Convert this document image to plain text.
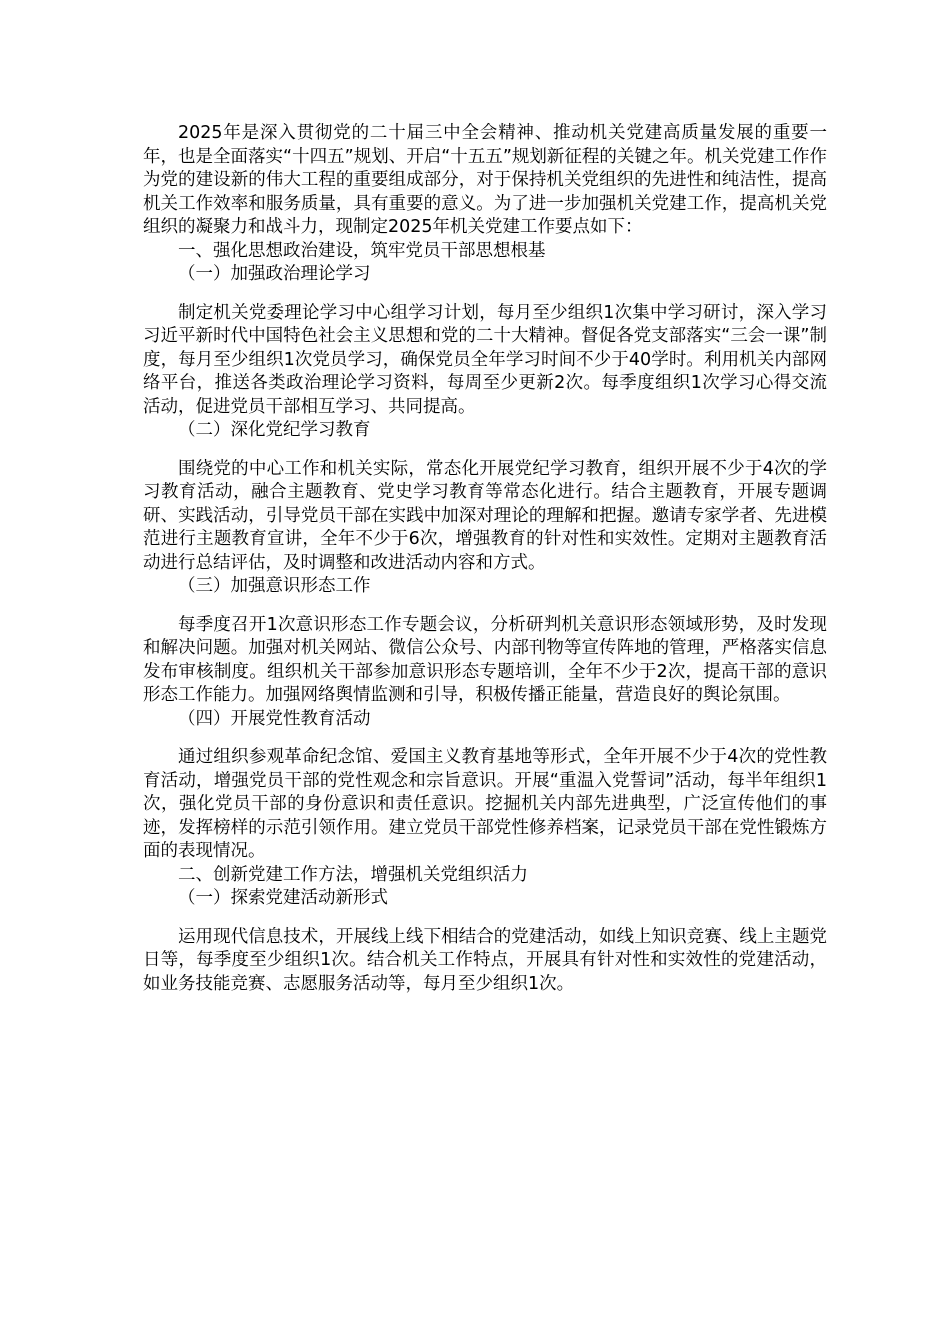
2025年是深入贯彻党的二十届三中全会精神、推动机关党建高质量发展的重要一年，也是全面落实“十四五”规划、开启“十五五”规划新征程的关键之年。机关党建工作作为党的建设新的伟大工程的重要组成部分，对于保持机关党组织的先进性和纯洁性，提高机关工作效率和服务质量，具有重要的意义。为了进一步加强机关党建工作，提高机关党组织的凝聚力和战斗力，现制定2025年机关党建工作要点如下：

一、强化思想政治建设，筑牢党员干部思想根基

（一）加强政治理论学习

制定机关党委理论学习中心组学习计划，每月至少组织1次集中学习研讨，深入学习习近平新时代中国特色社会主义思想和党的二十大精神。督促各党支部落实“三会一课”制度，每月至少组织1次党员学习，确保党员全年学习时间不少于40学时。利用机关内部网络平台，推送各类政治理论学习资料，每周至少更新2次。每季度组织1次学习心得交流活动，促进党员干部相互学习、共同提高。

（二）深化党纪学习教育

围绕党的中心工作和机关实际，常态化开展党纪学习教育，组织开展不少于4次的学习教育活动，融合主题教育、党史学习教育等常态化进行。结合主题教育，开展专题调研、实践活动，引导党员干部在实践中加深对理论的理解和把握。邀请专家学者、先进模范进行主题教育宣讲，全年不少于6次，增强教育的针对性和实效性。定期对主题教育活动进行总结评估，及时调整和改进活动内容和方式。

（三）加强意识形态工作

每季度召开1次意识形态工作专题会议，分析研判机关意识形态领域形势，及时发现和解决问题。加强对机关网站、微信公众号、内部刊物等宣传阵地的管理，严格落实信息发布审核制度。组织机关干部参加意识形态专题培训，全年不少于2次，提高干部的意识形态工作能力。加强网络舆情监测和引导，积极传播正能量，营造良好的舆论氛围。

（四）开展党性教育活动

通过组织参观革命纪念馆、爱国主义教育基地等形式，全年开展不少于4次的党性教育活动，增强党员干部的党性观念和宗旨意识。开展“重温入党誓词”活动，每半年组织1次，强化党员干部的身份意识和责任意识。挖掘机关内部先进典型，广泛宣传他们的事迹，发挥榜样的示范引领作用。建立党员干部党性修养档案，记录党员干部在党性锻炼方面的表现情况。

二、创新党建工作方法，增强机关党组织活力

（一）探索党建活动新形式

运用现代信息技术，开展线上线下相结合的党建活动，如线上知识竞赛、线上主题党日等，每季度至少组织1次。结合机关工作特点，开展具有针对性和实效性的党建活动，如业务技能竞赛、志愿服务活动等，每月至少组织1次。
